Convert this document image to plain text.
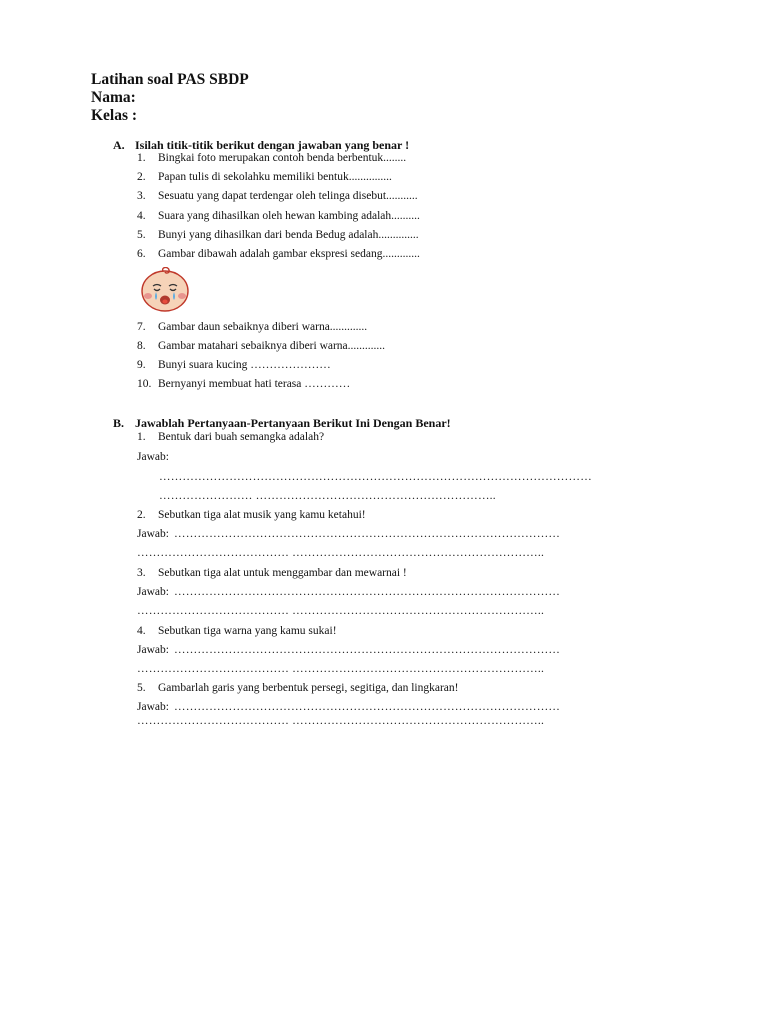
Latihan soal PAS SBDP
Nama:
Kelas :
A. Isilah titik-titik berikut dengan jawaban yang benar !
1. Bingkai foto merupakan contoh benda berbentuk........
2. Papan tulis di sekolahku memiliki bentuk...............
3. Sesuatu yang dapat terdengar oleh telinga disebut...........
4. Suara yang dihasilkan oleh hewan kambing adalah..........
5. Bunyi yang dihasilkan dari benda Bedug adalah..............
6. Gambar dibawah adalah gambar ekspresi sedang.............
7. Gambar daun sebaiknya diberi warna.............
8. Gambar matahari sebaiknya diberi warna.............
9. Bunyi suara kucing …………………
10. Bernyanyi membuat hati terasa …………
B. Jawablah Pertanyaan-Pertanyaan Berikut Ini Dengan Benar!
1. Bentuk dari buah semangka adalah?
Jawab:
…………………………………………………………………………………………………
…………………… ……………………………………………………..
2. Sebutkan tiga alat musik yang kamu ketahui!
Jawab: ………………………………………………………………………………………
………………………………… ………………………………………………………..
3. Sebutkan tiga alat untuk menggambar dan mewarnai !
Jawab: ………………………………………………………………………………………
………………………………… ………………………………………………………..
4. Sebutkan tiga warna yang kamu sukai!
Jawab: ………………………………………………………………………………………
………………………………… ………………………………………………………..
5. Gambarlah garis yang berbentuk persegi, segitiga, dan lingkaran!
Jawab: ………………………………………………………………………………………
………………………………… ………………………………………………………..
